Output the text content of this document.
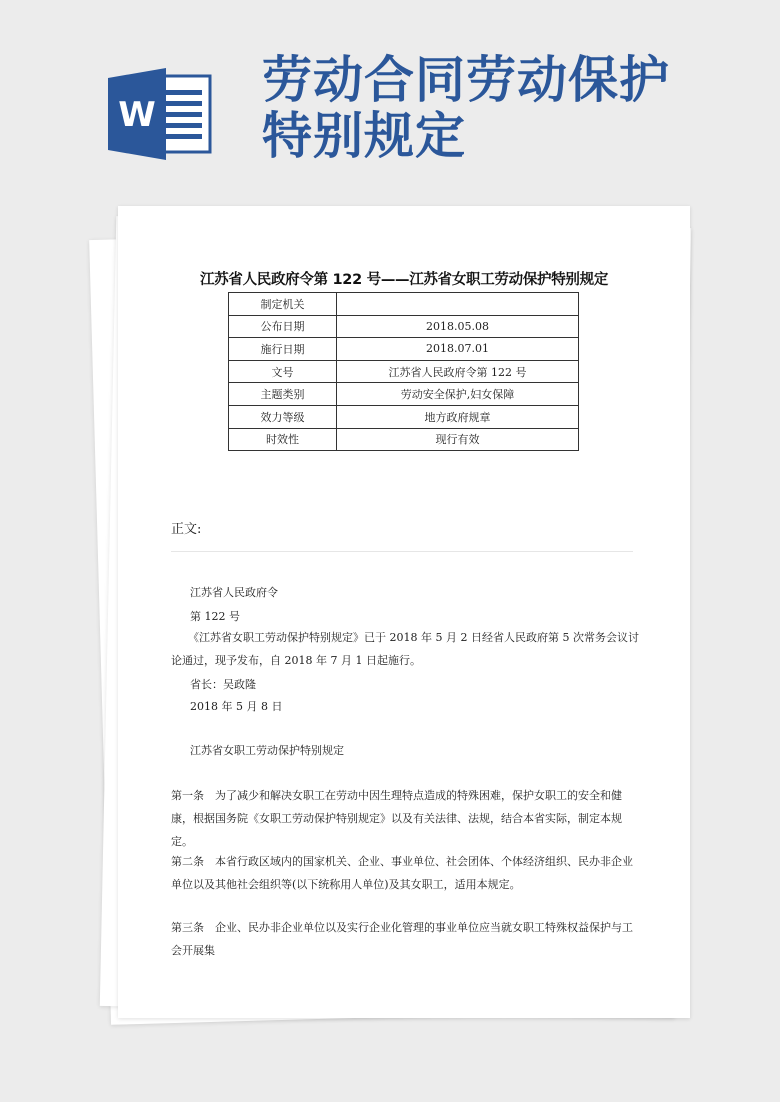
W
劳动合同劳动保护
特别规定
江苏省人民政府令第 122 号——江苏省女职工劳动保护特别规定
制定机关	
公布日期	2018.05.08
施行日期	2018.07.01
文号	江苏省人民政府令第 122 号
主题类别	劳动安全保护,妇女保障
效力等级	地方政府规章
时效性	现行有效
正文:
江苏省人民政府令
第 122 号
《江苏省女职工劳动保护特别规定》已于 2018 年 5 月 2 日经省人民政府第 5 次常务会议讨论通过，现予发布，自 2018 年 7 月 1 日起施行。
省长：吴政隆
2018 年 5 月 8 日
江苏省女职工劳动保护特别规定
第一条　为了减少和解决女职工在劳动中因生理特点造成的特殊困难，保护女职工的安全和健康，根据国务院《女职工劳动保护特别规定》以及有关法律、法规，结合本省实际，制定本规定。
第二条　本省行政区域内的国家机关、企业、事业单位、社会团体、个体经济组织、民办非企业单位以及其他社会组织等(以下统称用人单位)及其女职工，适用本规定。
第三条　企业、民办非企业单位以及实行企业化管理的事业单位应当就女职工特殊权益保护与工会开展集
